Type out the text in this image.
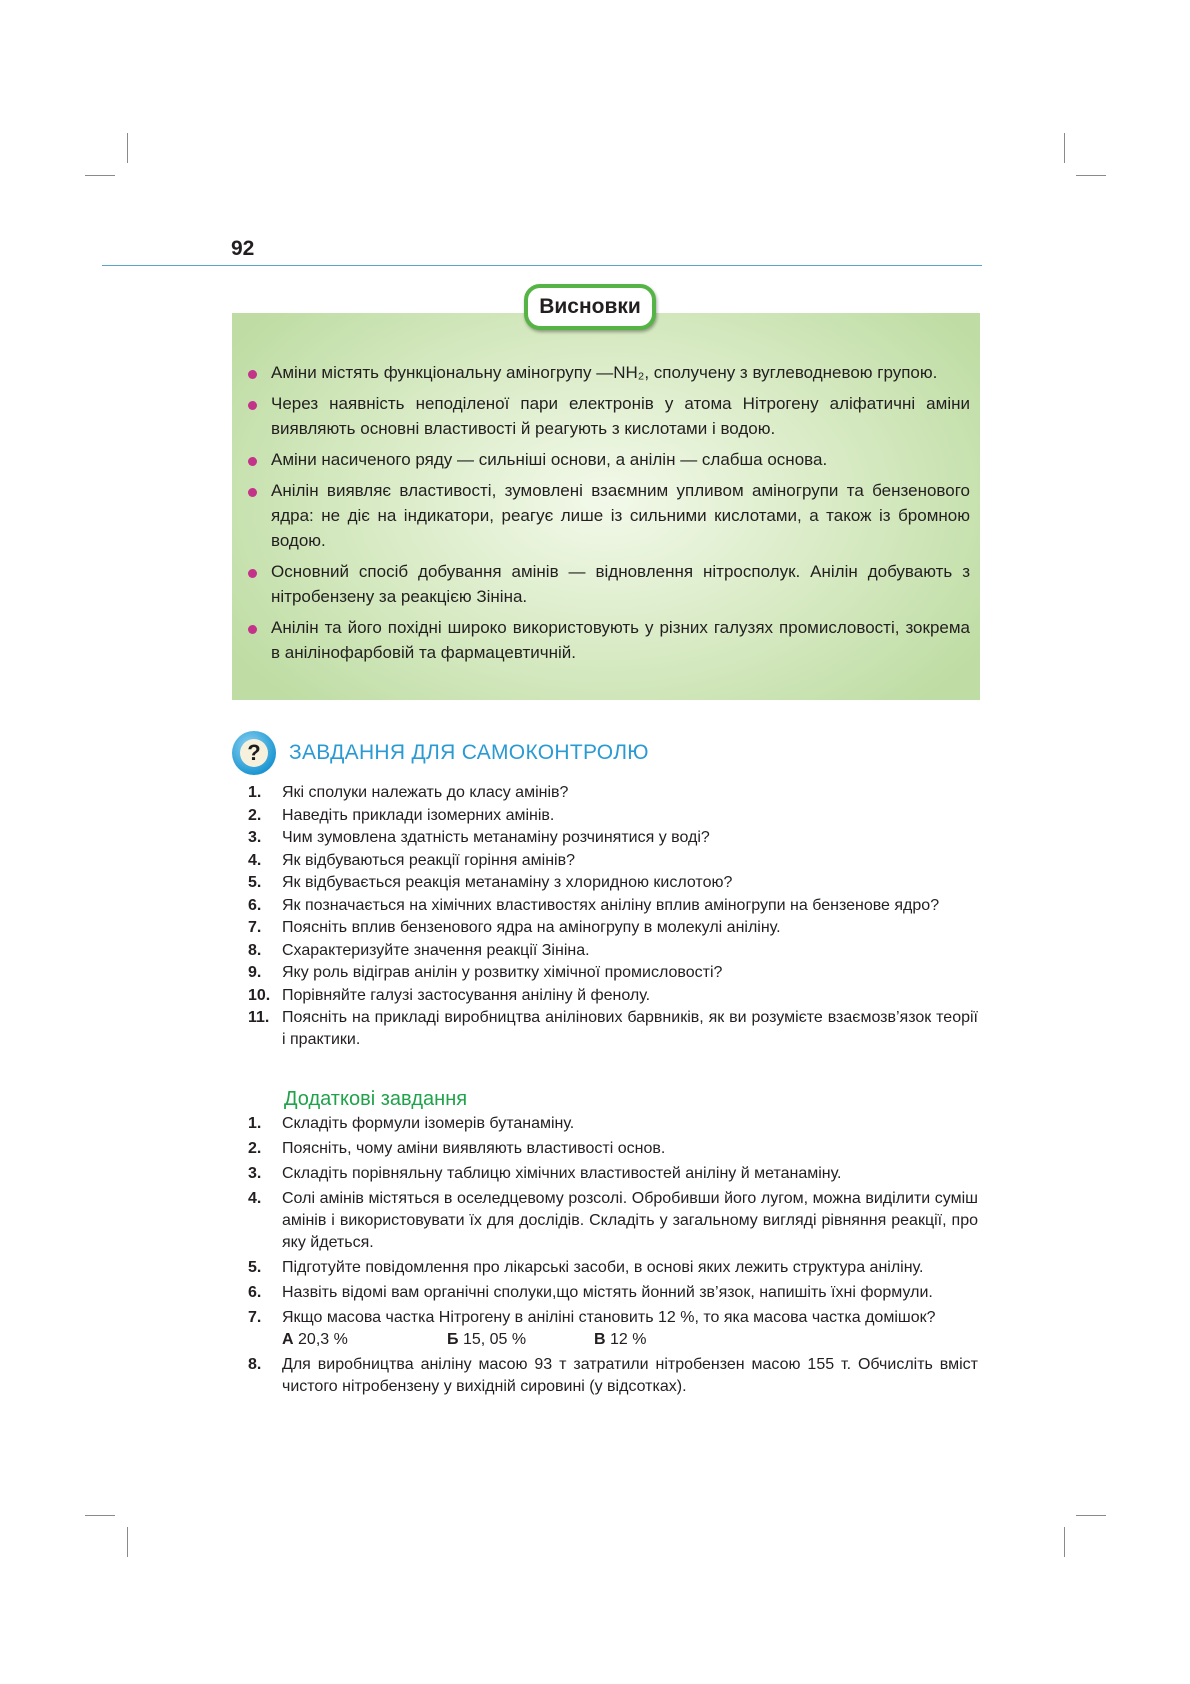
92
Висновки
Аміни містять функціональну аміногрупу —NH₂, сполучену з вуглеводневою групою.
Через наявність неподіленої пари електронів у атома Нітрогену аліфатичні аміни виявляють основні властивості й реагують з кислотами і водою.
Аміни насиченого ряду — сильніші основи, а анілін — слабша основа.
Анілін виявляє властивості, зумовлені взаємним упливом аміногрупи та бензенового ядра: не діє на індикатори, реагує лише із сильними кислотами, а також із бромною водою.
Основний спосіб добування амінів — відновлення нітросполук. Анілін добувають з нітробензену за реакцією Зініна.
Анілін та його похідні широко використовують у різних галузях промисловості, зокрема в анілінофарбовій та фармацевтичній.
?	ЗАВДАННЯ ДЛЯ САМОКОНТРОЛЮ
1. Які сполуки належать до класу амінів?
2. Наведіть приклади ізомерних амінів.
3. Чим зумовлена здатність метанаміну розчинятися у воді?
4. Як відбуваються реакції горіння амінів?
5. Як відбувається реакція метанаміну з хлоридною кислотою?
6. Як позначається на хімічних властивостях аніліну вплив аміногрупи на бензенове ядро?
7. Поясніть вплив бензенового ядра на аміногрупу в молекулі аніліну.
8. Схарактеризуйте значення реакції Зініна.
9. Яку роль відіграв анілін у розвитку хімічної промисловості?
10. Порівняйте галузі застосування аніліну й фенолу.
11. Поясніть на прикладі виробництва анілінових барвників, як ви розумієте взаємозв’язок теорії і практики.
Додаткові завдання
1. Складіть формули ізомерів бутанаміну.
2. Поясніть, чому аміни виявляють властивості основ.
3. Складіть порівняльну таблицю хімічних властивостей аніліну й метанаміну.
4. Солі амінів містяться в оселедцевому розсолі. Обробивши його лугом, можна виділити суміш амінів і використовувати їх для дослідів. Складіть у загальному вигляді рівняння реакції, про яку йдеться.
5. Підготуйте повідомлення про лікарські засоби, в основі яких лежить структура аніліну.
6. Назвіть відомі вам органічні сполуки,що містять йонний зв’язок, напишіть їхні формули.
7. Якщо масова частка Нітрогену в аніліні становить 12 %, то яка масова частка домішок?
А 20,3 %	Б 15, 05 %	В 12 %
8. Для виробництва аніліну масою 93 т затратили нітробензен масою 155 т. Обчисліть вміст чистого нітробензену у вихідній сировині (у відсотках).
